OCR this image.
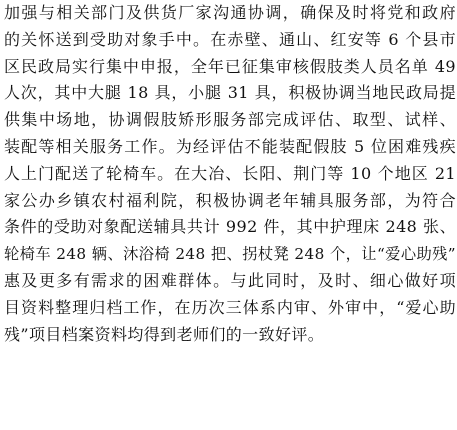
加强与相关部门及供货厂家沟通协调，确保及时将党和政府
的关怀送到受助对象手中。在赤壁、通山、红安等 6 个县市
区民政局实行集中申报，全年已征集审核假肢类人员名单 49
人次，其中大腿 18 具，小腿 31 具，积极协调当地民政局提
供集中场地，协调假肢矫形服务部完成评估、取型、试样、
装配等相关服务工作。为经评估不能装配假肢 5 位困难残疾
人上门配送了轮椅车。在大冶、长阳、荆门等 10 个地区 21
家公办乡镇农村福利院，积极协调老年辅具服务部，为符合
条件的受助对象配送辅具共计 992 件，其中护理床 248 张、
轮椅车 248 辆、沐浴椅 248 把、拐杖凳 248 个，让“爱心助残”
惠及更多有需求的困难群体。与此同时，及时、细心做好项
目资料整理归档工作，在历次三体系内审、外审中，“爱心助
残”项目档案资料均得到老师们的一致好评。
